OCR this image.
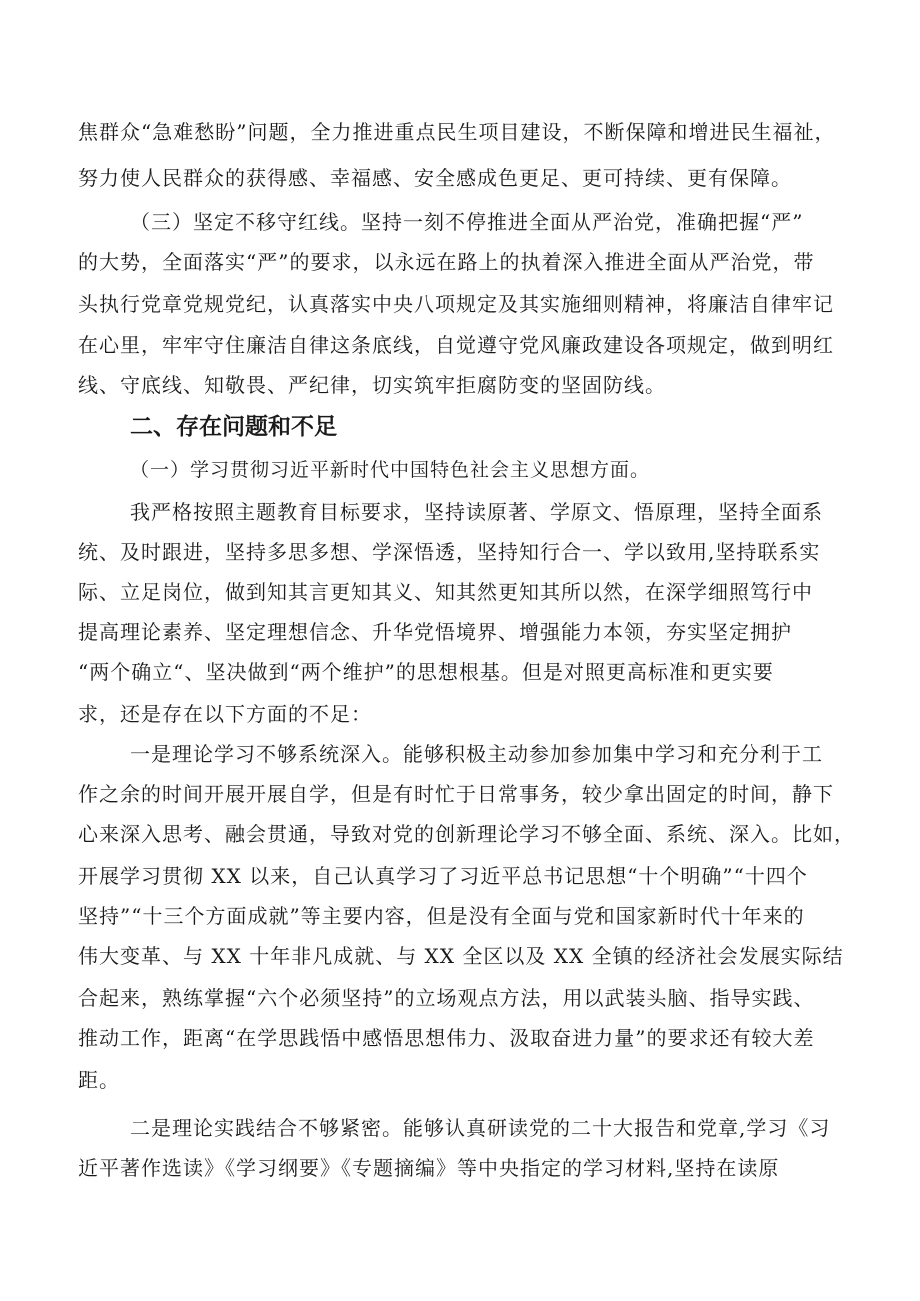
焦群众“急难愁盼”问题，全力推进重点民生项目建设，不断保障和增进民生福祉，

努力使人民群众的获得感、幸福感、安全感成色更足、更可持续、更有保障。

（三）坚定不移守红线。坚持一刻不停推进全面从严治党，准确把握“严”

的大势，全面落实“严”的要求，以永远在路上的执着深入推进全面从严治党，带

头执行党章党规党纪，认真落实中央八项规定及其实施细则精神，将廉洁自律牢记

在心里，牢牢守住廉洁自律这条底线，自觉遵守党风廉政建设各项规定，做到明红

线、守底线、知敬畏、严纪律，切实筑牢拒腐防变的坚固防线。

二、存在问题和不足

（一）学习贯彻习近平新时代中国特色社会主义思想方面。

我严格按照主题教育目标要求，坚持读原著、学原文、悟原理，坚持全面系

统、及时跟进，坚持多思多想、学深悟透，坚持知行合一、学以致用,坚持联系实

际、立足岗位，做到知其言更知其义、知其然更知其所以然，在深学细照笃行中

提高理论素养、坚定理想信念、升华党悟境界、增强能力本领，夯实坚定拥护

“两个确立“、坚决做到“两个维护”的思想根基。但是对照更高标准和更实要

求，还是存在以下方面的不足：

一是理论学习不够系统深入。能够积极主动参加参加集中学习和充分利于工

作之余的时间开展开展自学，但是有时忙于日常事务，较少拿出固定的时间，静下

心来深入思考、融会贯通，导致对党的创新理论学习不够全面、系统、深入。比如，

开展学习贯彻 XX 以来，自己认真学习了习近平总书记思想“十个明确”“十四个

坚持”“十三个方面成就”等主要内容，但是没有全面与党和国家新时代十年来的

伟大变革、与 XX 十年非凡成就、与 XX 全区以及 XX 全镇的经济社会发展实际结

合起来，熟练掌握“六个必须坚持”的立场观点方法，用以武装头脑、指导实践、

推动工作，距离“在学思践悟中感悟思想伟力、汲取奋进力量”的要求还有较大差

距。

二是理论实践结合不够紧密。能够认真研读党的二十大报告和党章,学习《习

近平著作选读》《学习纲要》《专题摘编》等中央指定的学习材料,坚持在读原
